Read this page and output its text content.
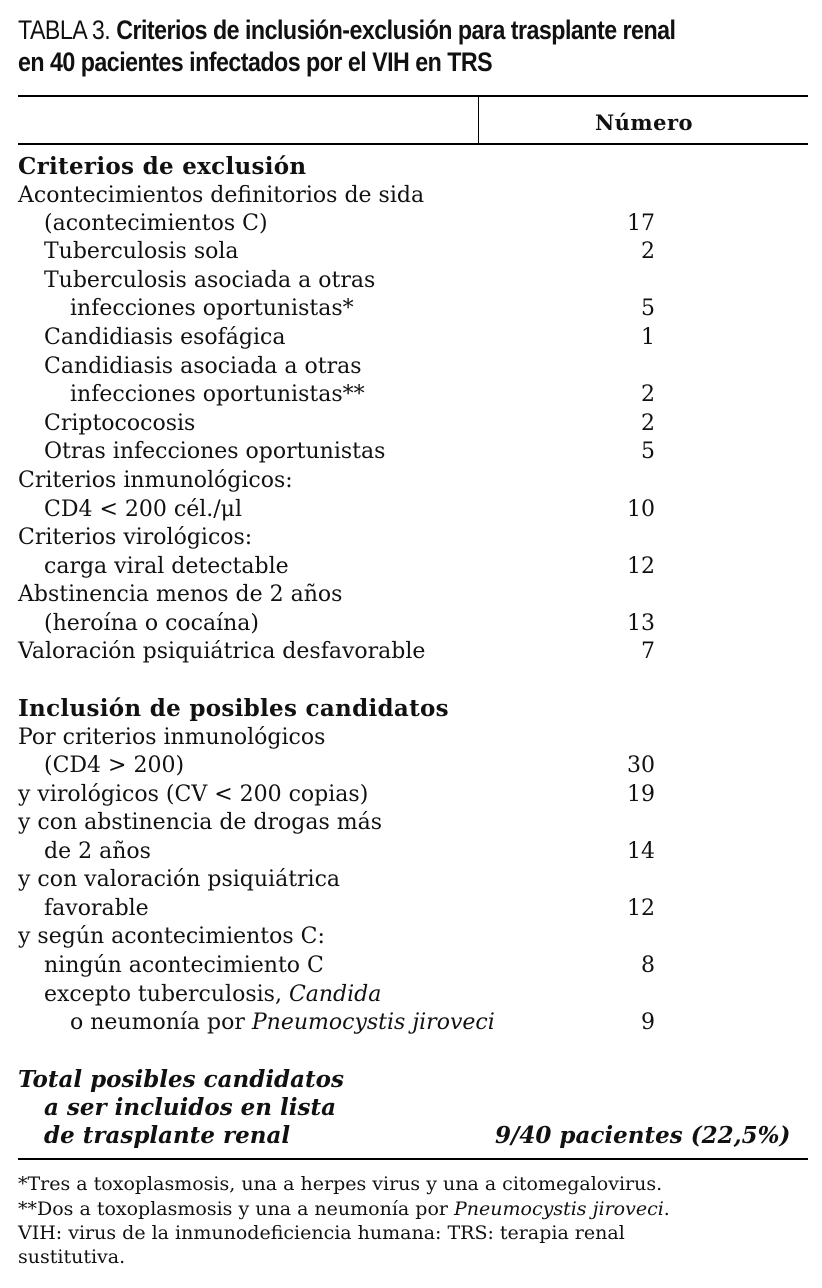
TABLA 3. Criterios de inclusión-exclusión para trasplante renal
en 40 pacientes infectados por el VIH en TRS
Número
Criterios de exclusión
Acontecimientos definitorios de sida
(acontecimientos C)	17
Tuberculosis sola	2
Tuberculosis asociada a otras
infecciones oportunistas*	5
Candidiasis esofágica	1
Candidiasis asociada a otras
infecciones oportunistas**	2
Criptococosis	2
Otras infecciones oportunistas	5
Criterios inmunológicos:
CD4 < 200 cél./μl	10
Criterios virológicos:
carga viral detectable	12
Abstinencia menos de 2 años
(heroína o cocaína)	13
Valoración psiquiátrica desfavorable	7
Inclusión de posibles candidatos
Por criterios inmunológicos
(CD4 > 200)	30
y virológicos (CV < 200 copias)	19
y con abstinencia de drogas más
de 2 años	14
y con valoración psiquiátrica
favorable	12
y según acontecimientos C:
ningún acontecimiento C	8
excepto tuberculosis, Candida
o neumonía por Pneumocystis jiroveci	9
Total posibles candidatos
a ser incluidos en lista
de trasplante renal	9/40 pacientes (22,5%)
*Tres a toxoplasmosis, una a herpes virus y una a citomegalovirus.
**Dos a toxoplasmosis y una a neumonía por Pneumocystis jiroveci.
VIH: virus de la inmunodeficiencia humana: TRS: terapia renal
sustitutiva.
